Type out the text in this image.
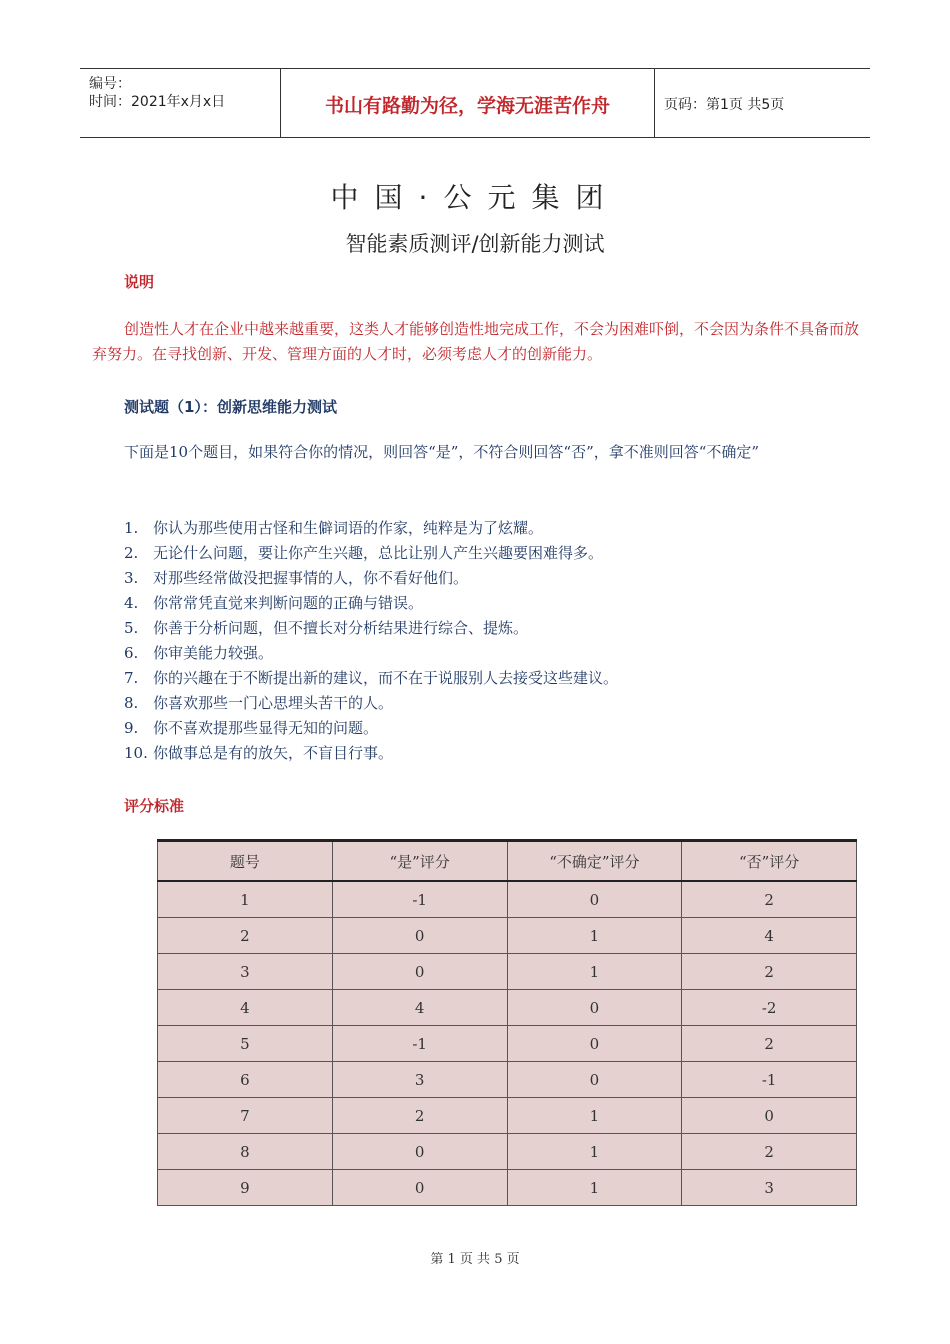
编号：
时间：2021年x月x日	书山有路勤为径，学海无涯苦作舟	页码：第1页 共5页
中国·公元集团
智能素质测评/创新能力测试
说明
创造性人才在企业中越来越重要，这类人才能够创造性地完成工作，不会为困难吓倒，不会因为条件不具备而放弃努力。在寻找创新、开发、管理方面的人才时，必须考虑人才的创新能力。
测试题（1）：创新思维能力测试
下面是10个题目，如果符合你的情况，则回答“是”，不符合则回答“否”，拿不准则回答“不确定”
1. 你认为那些使用古怪和生僻词语的作家，纯粹是为了炫耀。
2. 无论什么问题，要让你产生兴趣，总比让别人产生兴趣要困难得多。
3. 对那些经常做没把握事情的人，你不看好他们。
4. 你常常凭直觉来判断问题的正确与错误。
5. 你善于分析问题，但不擅长对分析结果进行综合、提炼。
6. 你审美能力较强。
7. 你的兴趣在于不断提出新的建议，而不在于说服别人去接受这些建议。
8. 你喜欢那些一门心思埋头苦干的人。
9. 你不喜欢提那些显得无知的问题。
10. 你做事总是有的放矢，不盲目行事。
评分标准
题号	“是”评分	“不确定”评分	“否”评分
1	-1	0	2
2	0	1	4
3	0	1	2
4	4	0	-2
5	-1	0	2
6	3	0	-1
7	2	1	0
8	0	1	2
9	0	1	3
第 1 页 共 5 页
